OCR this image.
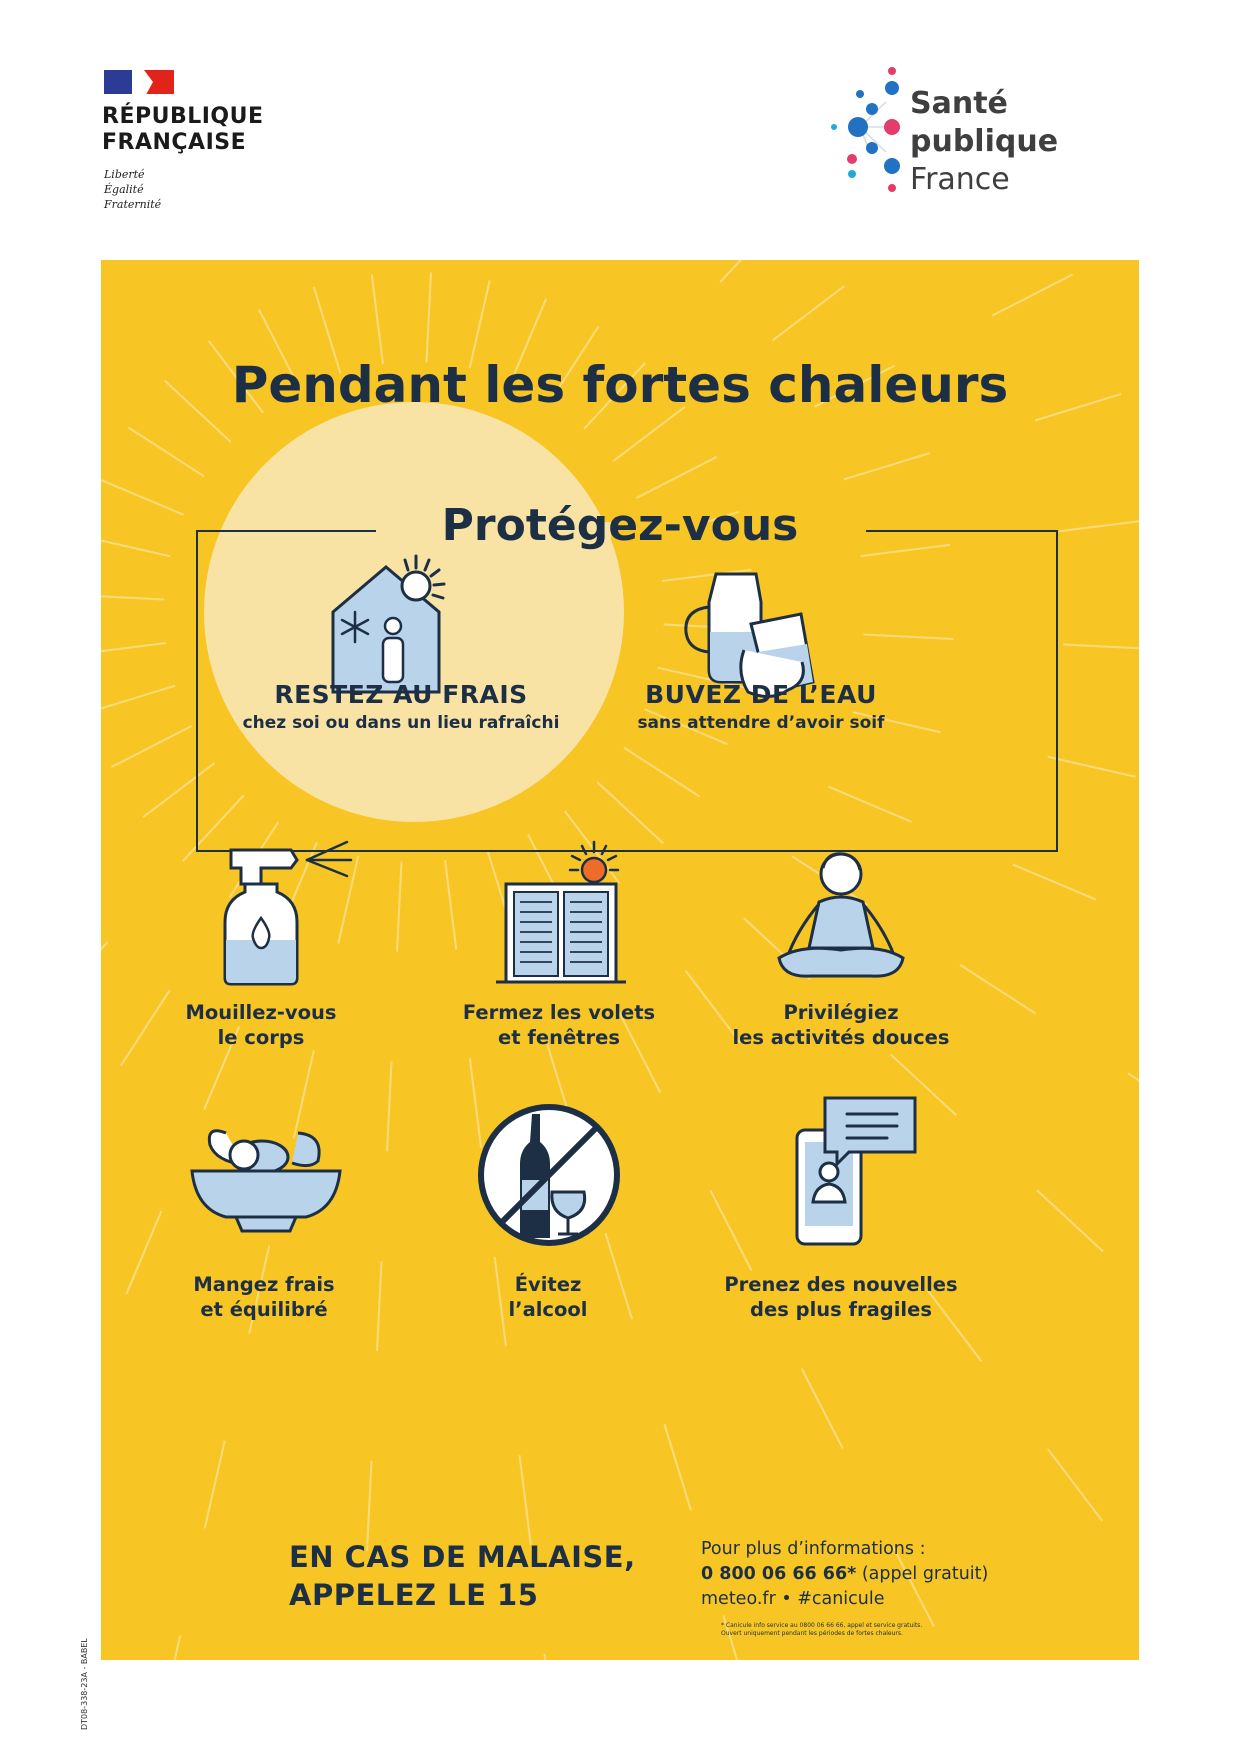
RÉPUBLIQUE
FRANÇAISE
Liberté
Égalité
Fraternité
Santé
publique
France
Pendant les fortes chaleurs
Protégez-vous
RESTEZ AU FRAIS
chez soi ou dans un lieu rafraîchi
BUVEZ DE L’EAU
sans attendre d’avoir soif
Mouillez-vous
le corps
Fermez les volets
et fenêtres
Privilégiez
les activités douces
Mangez frais
et équilibré
Évitez
l’alcool
Prenez des nouvelles
des plus fragiles
EN CAS DE MALAISE,
APPELEZ LE 15
Pour plus d’informations :
0 800 06 66 66* (appel gratuit)
meteo.fr • #canicule
* Canicule info service au 0800 06 66 66, appel et service gratuits.
Ouvert uniquement pendant les périodes de fortes chaleurs.
DT08-338-23A - BABEL
